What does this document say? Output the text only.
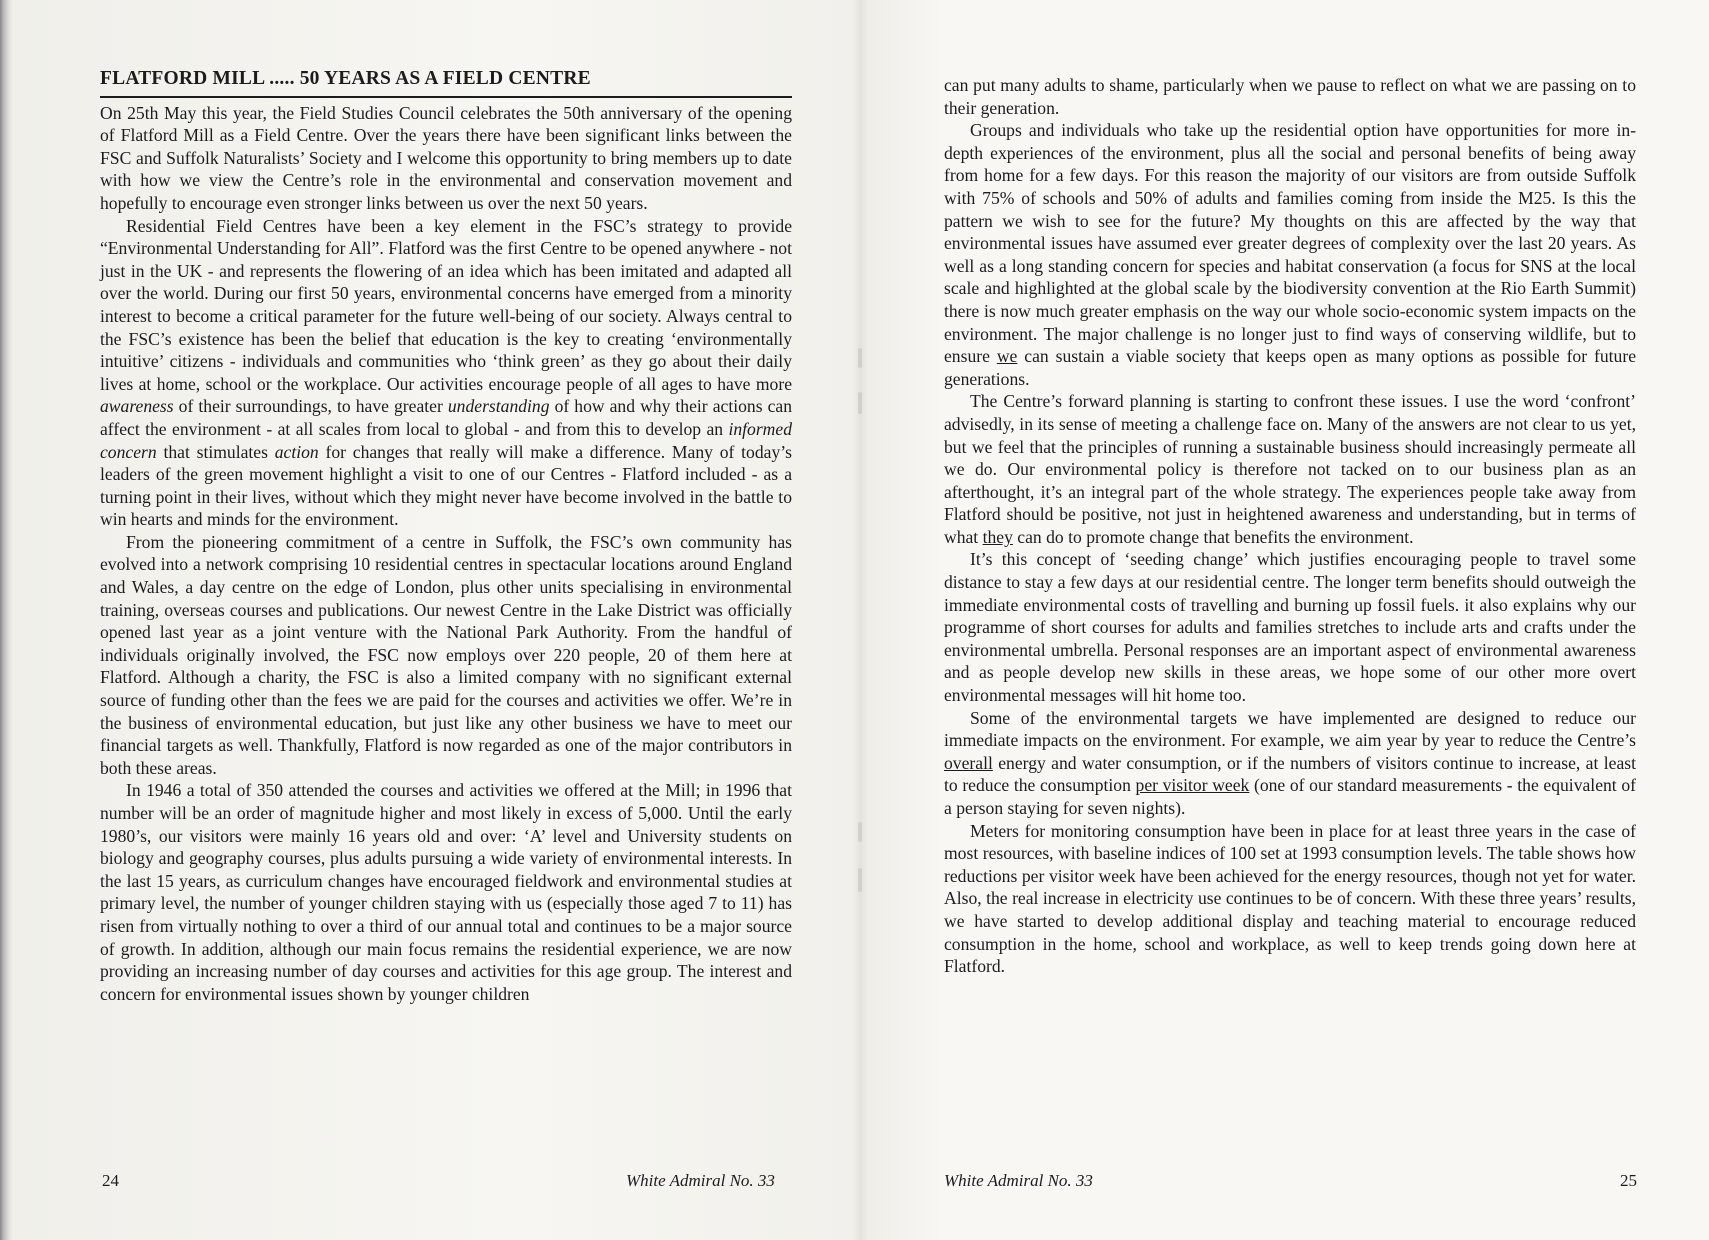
FLATFORD MILL ..... 50 YEARS AS A FIELD CENTRE

On 25th May this year, the Field Studies Council celebrates the 50th anniversary of the opening of Flatford Mill as a Field Centre. Over the years there have been significant links between the FSC and Suffolk Naturalists’ Society and I welcome this opportunity to bring members up to date with how we view the Centre’s role in the environmental and conservation movement and hopefully to encourage even stronger links between us over the next 50 years.

Residential Field Centres have been a key element in the FSC’s strategy to provide “Environmental Understanding for All”. Flatford was the first Centre to be opened anywhere - not just in the UK - and represents the flowering of an idea which has been imitated and adapted all over the world. During our first 50 years, environmental concerns have emerged from a minority interest to become a critical parameter for the future well-being of our society. Always central to the FSC’s existence has been the belief that education is the key to creating ‘environmentally intuitive’ citizens - individuals and communities who ‘think green’ as they go about their daily lives at home, school or the workplace. Our activities encourage people of all ages to have more awareness of their surroundings, to have greater understanding of how and why their actions can affect the environment - at all scales from local to global - and from this to develop an informed concern that stimulates action for changes that really will make a difference. Many of today’s leaders of the green movement highlight a visit to one of our Centres - Flatford included - as a turning point in their lives, without which they might never have become involved in the battle to win hearts and minds for the environment.

From the pioneering commitment of a centre in Suffolk, the FSC’s own community has evolved into a network comprising 10 residential centres in spectacular locations around England and Wales, a day centre on the edge of London, plus other units specialising in environmental training, overseas courses and publications. Our newest Centre in the Lake District was officially opened last year as a joint venture with the National Park Authority. From the handful of individuals originally involved, the FSC now employs over 220 people, 20 of them here at Flatford. Although a charity, the FSC is also a limited company with no significant external source of funding other than the fees we are paid for the courses and activities we offer. We’re in the business of environmental education, but just like any other business we have to meet our financial targets as well. Thankfully, Flatford is now regarded as one of the major contributors in both these areas.

In 1946 a total of 350 attended the courses and activities we offered at the Mill; in 1996 that number will be an order of magnitude higher and most likely in excess of 5,000. Until the early 1980’s, our visitors were mainly 16 years old and over: ‘A’ level and University students on biology and geography courses, plus adults pursuing a wide variety of environmental interests. In the last 15 years, as curriculum changes have encouraged fieldwork and environmental studies at primary level, the number of younger children staying with us (especially those aged 7 to 11) has risen from virtually nothing to over a third of our annual total and continues to be a major source of growth. In addition, although our main focus remains the residential experience, we are now providing an increasing number of day courses and activities for this age group. The interest and concern for environmental issues shown by younger children

can put many adults to shame, particularly when we pause to reflect on what we are passing on to their generation.

Groups and individuals who take up the residential option have opportunities for more in-depth experiences of the environment, plus all the social and personal benefits of being away from home for a few days. For this reason the majority of our visitors are from outside Suffolk with 75% of schools and 50% of adults and families coming from inside the M25. Is this the pattern we wish to see for the future? My thoughts on this are affected by the way that environmental issues have assumed ever greater degrees of complexity over the last 20 years. As well as a long standing concern for species and habitat conservation (a focus for SNS at the local scale and highlighted at the global scale by the biodiversity convention at the Rio Earth Summit) there is now much greater emphasis on the way our whole socio-economic system impacts on the environment. The major challenge is no longer just to find ways of conserving wildlife, but to ensure we can sustain a viable society that keeps open as many options as possible for future generations.

The Centre’s forward planning is starting to confront these issues. I use the word ‘confront’ advisedly, in its sense of meeting a challenge face on. Many of the answers are not clear to us yet, but we feel that the principles of running a sustainable business should increasingly permeate all we do. Our environmental policy is therefore not tacked on to our business plan as an afterthought, it’s an integral part of the whole strategy. The experiences people take away from Flatford should be positive, not just in heightened awareness and understanding, but in terms of what they can do to promote change that benefits the environment.

It’s this concept of ‘seeding change’ which justifies encouraging people to travel some distance to stay a few days at our residential centre. The longer term benefits should outweigh the immediate environmental costs of travelling and burning up fossil fuels. it also explains why our programme of short courses for adults and families stretches to include arts and crafts under the environmental umbrella. Personal responses are an important aspect of environmental awareness and as people develop new skills in these areas, we hope some of our other more overt environmental messages will hit home too.

Some of the environmental targets we have implemented are designed to reduce our immediate impacts on the environment. For example, we aim year by year to reduce the Centre’s overall energy and water consumption, or if the numbers of visitors continue to increase, at least to reduce the consumption per visitor week (one of our standard measurements - the equivalent of a person staying for seven nights).

Meters for monitoring consumption have been in place for at least three years in the case of most resources, with baseline indices of 100 set at 1993 consumption levels. The table shows how reductions per visitor week have been achieved for the energy resources, though not yet for water. Also, the real increase in electricity use continues to be of concern. With these three years’ results, we have started to develop additional display and teaching material to encourage reduced consumption in the home, school and workplace, as well to keep trends going down here at Flatford.

24	White Admiral No. 33	White Admiral No. 33	25
